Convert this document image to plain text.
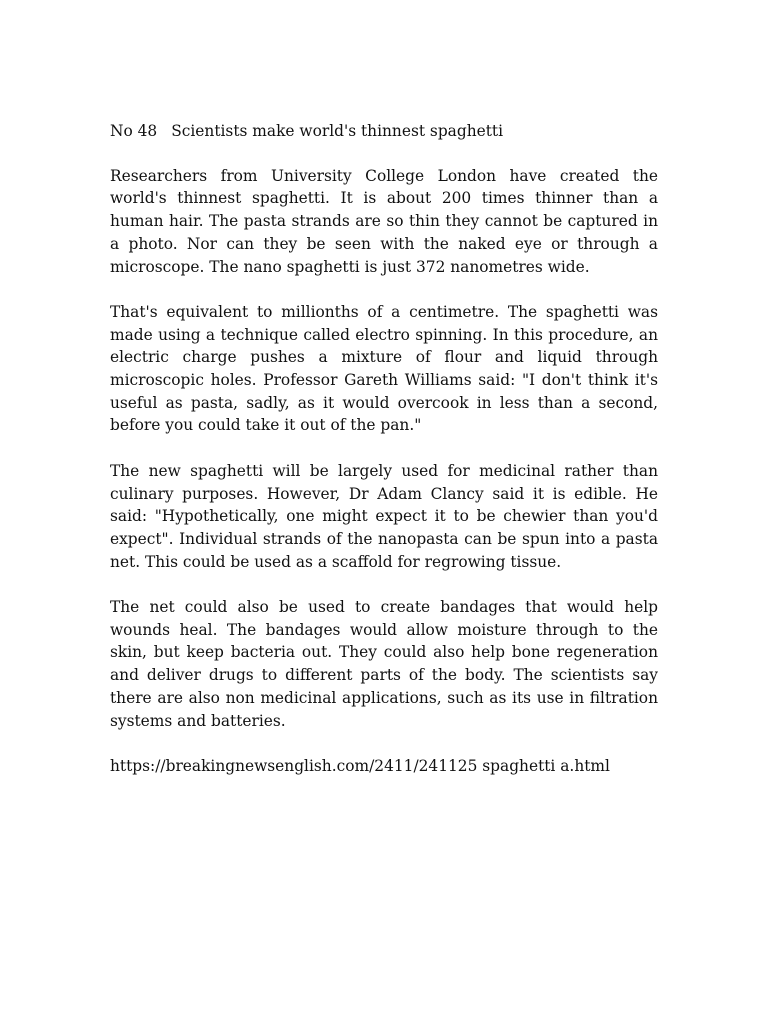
No 48 Scientists make world's thinnest spaghetti

Researchers from University College London have created the world's thinnest spaghetti. It is about 200 times thinner than a human hair. The pasta strands are so thin they cannot be captured in a photo. Nor can they be seen with the naked eye or through a microscope. The nano spaghetti is just 372 nanometres wide.

That's equivalent to millionths of a centimetre. The spaghetti was made using a technique called electro spinning. In this procedure, an electric charge pushes a mixture of flour and liquid through microscopic holes. Professor Gareth Williams said: "I don't think it's useful as pasta, sadly, as it would overcook in less than a second, before you could take it out of the pan."

The new spaghetti will be largely used for medicinal rather than culinary purposes. However, Dr Adam Clancy said it is edible. He said: "Hypothetically, one might expect it to be chewier than you'd expect". Individual strands of the nanopasta can be spun into a pasta net. This could be used as a scaffold for regrowing tissue.

The net could also be used to create bandages that would help wounds heal. The bandages would allow moisture through to the skin, but keep bacteria out. They could also help bone regeneration and deliver drugs to different parts of the body. The scientists say there are also non medicinal applications, such as its use in filtration systems and batteries.

https://breakingnewsenglish.com/2411/241125 spaghetti a.html
